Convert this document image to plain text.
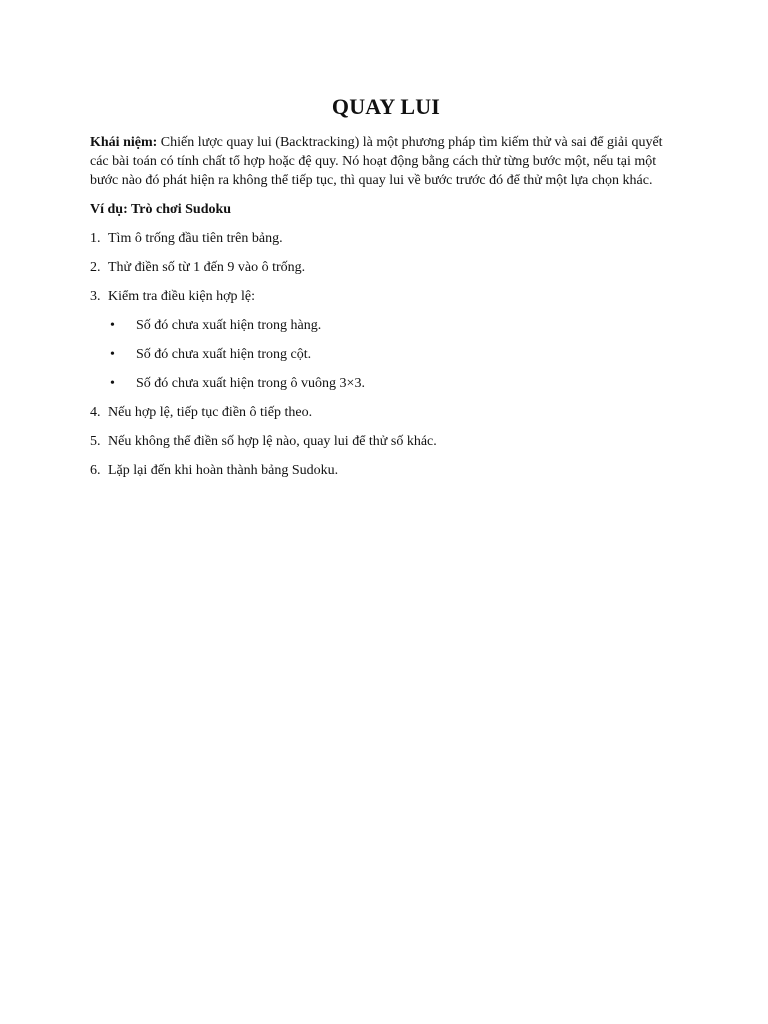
QUAY LUI

Khái niệm: Chiến lược quay lui (Backtracking) là một phương pháp tìm kiếm thử và sai để giải quyết các bài toán có tính chất tổ hợp hoặc đệ quy. Nó hoạt động bằng cách thử từng bước một, nếu tại một bước nào đó phát hiện ra không thể tiếp tục, thì quay lui về bước trước đó để thử một lựa chọn khác.

Ví dụ: Trò chơi Sudoku

1. Tìm ô trống đầu tiên trên bảng.
2. Thử điền số từ 1 đến 9 vào ô trống.
3. Kiểm tra điều kiện hợp lệ:
•	Số đó chưa xuất hiện trong hàng.
•	Số đó chưa xuất hiện trong cột.
•	Số đó chưa xuất hiện trong ô vuông 3×3.
4. Nếu hợp lệ, tiếp tục điền ô tiếp theo.
5. Nếu không thể điền số hợp lệ nào, quay lui để thử số khác.
6. Lặp lại đến khi hoàn thành bảng Sudoku.
